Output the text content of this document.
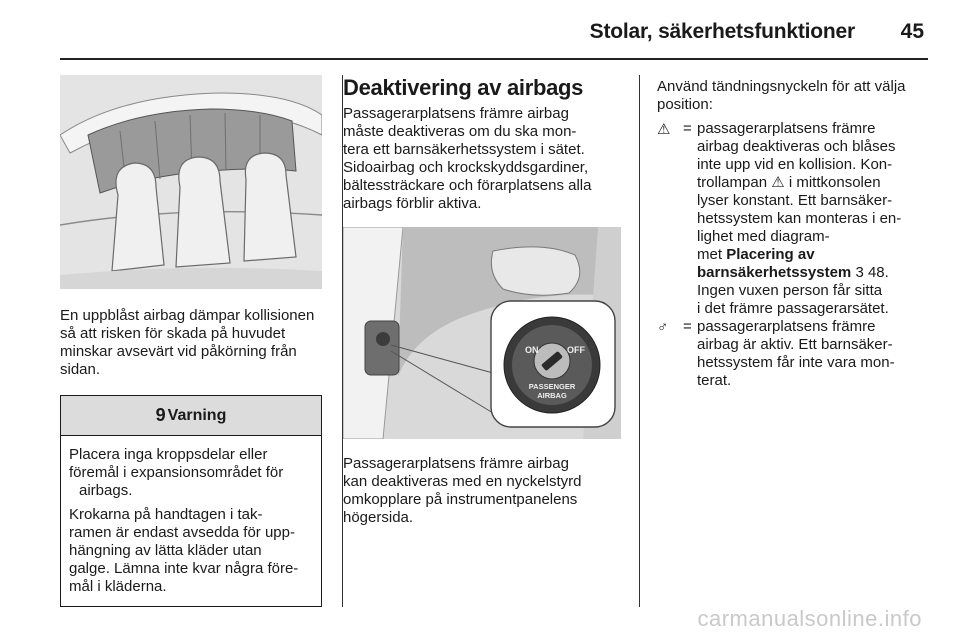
Stolar, säkerhetsfunktioner 45

En uppblåst airbag dämpar kollisionen så att risken för skada på huvudet minskar avsevärt vid påkörning från sidan.

9 Varning

Placera inga kroppsdelar eller
föremål i expansionsområdet för
airbags.

Krokarna på handtagen i tak-
ramen är endast avsedda för upp-
hängning av lätta kläder utan
galge. Lämna inte kvar några före-
mål i kläderna.

Deaktivering av airbags

Passagerarplatsens främre airbag
måste deaktiveras om du ska mon-
tera ett barnsäkerhetssystem i sätet.
Sidoairbag och krockskyddsgardiner,
bältessträckare och förarplatsens alla
airbags förblir aktiva.

ON	OFF
PASSENGER
AIRBAG

Passagerarplatsens främre airbag
kan deaktiveras med en nyckelstyrd
omkopplare på instrumentpanelens
högersida.

Använd tändningsnyckeln för att välja position:

⚠ = passagerarplatsens främre
airbag deaktiveras och blåses
inte upp vid en kollision. Kon-
trollampan ⚠ i mittkonsolen
lyser konstant. Ett barnsäker-
hetssystem kan monteras i en-
lighet med diagram-
met Placering av
barnsäkerhetssystem 3 48.
Ingen vuxen person får sitta
i det främre passagerarsätet.
♂ = passagerarplatsens främre
airbag är aktiv. Ett barnsäker-
hetssystem får inte vara mon-
terat.
carmanualsonline.info
